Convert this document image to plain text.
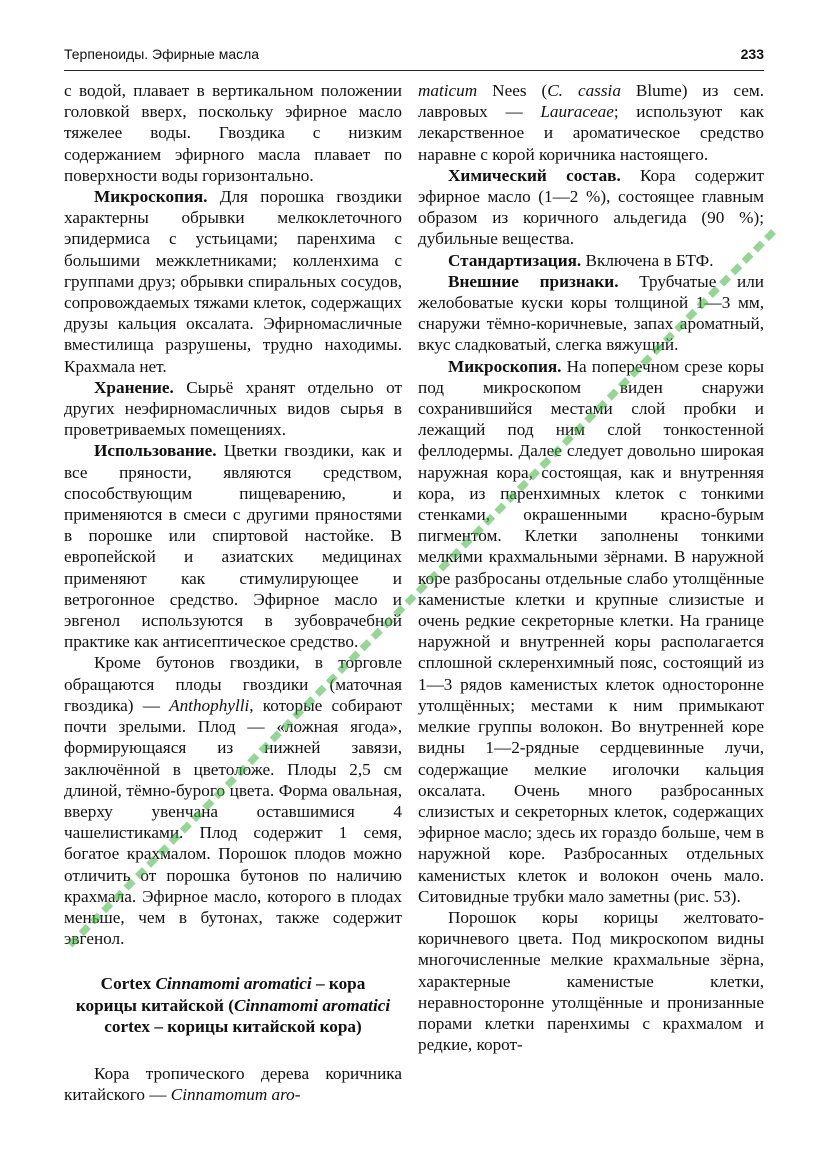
Терпеноиды. Эфирные масла	233

с водой, плавает в вертикальном положении головкой вверх, поскольку эфирное масло тяжелее воды. Гвоздика с низким содержанием эфирного масла плавает по поверхности воды горизонтально.

Микроскопия. Для порошка гвоздики характерны обрывки мелкоклеточного эпидермиса с устьицами; паренхима с большими межклетниками; колленхима с группами друз; обрывки спиральных сосудов, сопровождаемых тяжами клеток, содержащих друзы кальция оксалата. Эфирномасличные вместилища разрушены, трудно находимы. Крахмала нет.

Хранение. Сырьё хранят отдельно от других неэфирномасличных видов сырья в проветриваемых помещениях.

Использование. Цветки гвоздики, как и все пряности, являются средством, способствующим пищеварению, и применяются в смеси с другими пряностями в порошке или спиртовой настойке. В европейской и азиатских медицинах применяют как стимулирующее и ветрогонное средство. Эфирное масло и эвгенол используются в зубоврачебной практике как антисептическое средство.

Кроме бутонов гвоздики, в торговле обращаются плоды гвоздики (маточная гвоздика) — Anthophylli, которые собирают почти зрелыми. Плод — «ложная ягода», формирующаяся из нижней завязи, заключённой в цветоложе. Плоды 2,5 см длиной, тёмно-бурого цвета. Форма овальная, вверху увенчана оставшимися 4 чашелистиками. Плод содержит 1 семя, богатое крахмалом. Порошок плодов можно отличить от порошка бутонов по наличию крахмала. Эфирное масло, которого в плодах меньше, чем в бутонах, также содержит эвгенол.

Cortex Cinnamomi aromatici – кора корицы китайской (Cinnamomi aromatici cortex – корицы китайской кора)

Кора тропического дерева коричника китайского — Cinnamomum aro-

maticum Nees (C. cassia Blume) из сем. лавровых — Lauraceae; используют как лекарственное и ароматическое средство наравне с корой коричника настоящего.

Химический состав. Кора содержит эфирное масло (1—2 %), состоящее главным образом из коричного альдегида (90 %); дубильные вещества.

Стандартизация. Включена в БТФ.

Внешние признаки. Трубчатые или желобоватые куски коры толщиной 1—3 мм, снаружи тёмно-коричневые, запах ароматный, вкус сладковатый, слегка вяжущий.

Микроскопия. На поперечном срезе коры под микроскопом виден снаружи сохранившийся местами слой пробки и лежащий под ним слой тонкостенной феллодермы. Далее следует довольно широкая наружная кора, состоящая, как и внутренняя кора, из паренхимных клеток с тонкими стенками, окрашенными красно-бурым пигментом. Клетки заполнены тонкими мелкими крахмальными зёрнами. В наружной коре разбросаны отдельные слабо утолщённые каменистые клетки и крупные слизистые и очень редкие секреторные клетки. На границе наружной и внутренней коры располагается сплошной склеренхимный пояс, состоящий из 1—3 рядов каменистых клеток односторонне утолщённых; местами к ним примыкают мелкие группы волокон. Во внутренней коре видны 1—2-рядные сердцевинные лучи, содержащие мелкие иголочки кальция оксалата. Очень много разбросанных слизистых и секреторных клеток, содержащих эфирное масло; здесь их гораздо больше, чем в наружной коре. Разбросанных отдельных каменистых клеток и волокон очень мало. Ситовидные трубки мало заметны (рис. 53).

Порошок коры корицы желтовато-коричневого цвета. Под микроскопом видны многочисленные мелкие крахмальные зёрна, характерные каменистые клетки, неравносторонне утолщённые и пронизанные порами клетки паренхимы с крахмалом и редкие, корот-
